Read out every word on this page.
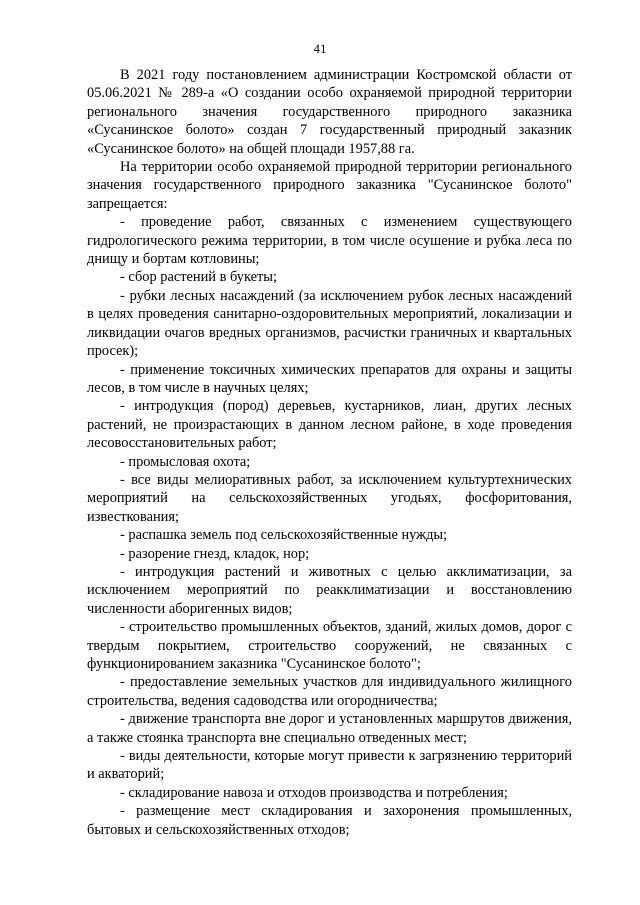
41

В 2021 году постановлением администрации Костромской области от 05.06.2021 № 289-а «О создании особо охраняемой природной территории регионального значения государственного природного заказника «Сусанинское болото» создан 7 государственный природный заказник «Сусанинское болото» на общей площади 1957,88 га.

На территории особо охраняемой природной территории регионального значения государственного природного заказника "Сусанинское болото" запрещается:

- проведение работ, связанных с изменением существующего гидрологического режима территории, в том числе осушение и рубка леса по днищу и бортам котловины;

- сбор растений в букеты;

- рубки лесных насаждений (за исключением рубок лесных насаждений в целях проведения санитарно-оздоровительных мероприятий, локализации и ликвидации очагов вредных организмов, расчистки граничных и квартальных просек);

- применение токсичных химических препаратов для охраны и защиты лесов, в том числе в научных целях;

- интродукция (пород) деревьев, кустарников, лиан, других лесных растений, не произрастающих в данном лесном районе, в ходе проведения лесовосстановительных работ;

- промысловая охота;

- все виды мелиоративных работ, за исключением культуртехнических мероприятий на сельскохозяйственных угодьях, фосфоритования, известкования;

- распашка земель под сельскохозяйственные нужды;

- разорение гнезд, кладок, нор;

- интродукция растений и животных с целью акклиматизации, за исключением мероприятий по реакклиматизации и восстановлению численности аборигенных видов;

- строительство промышленных объектов, зданий, жилых домов, дорог с твердым покрытием, строительство сооружений, не связанных с функционированием заказника "Сусанинское болото";

- предоставление земельных участков для индивидуального жилищного строительства, ведения садоводства или огородничества;

- движение транспорта вне дорог и установленных маршрутов движения, а также стоянка транспорта вне специально отведенных мест;

- виды деятельности, которые могут привести к загрязнению территорий и акваторий;

- складирование навоза и отходов производства и потребления;

- размещение мест складирования и захоронения промышленных, бытовых и сельскохозяйственных отходов;
